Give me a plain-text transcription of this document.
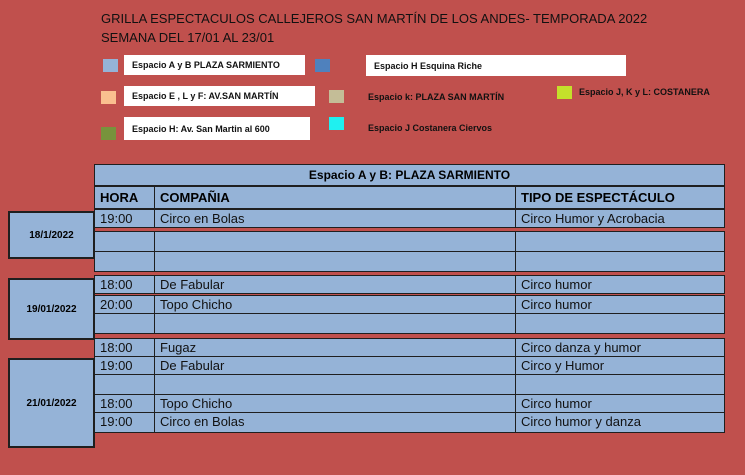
GRILLA ESPECTACULOS CALLEJEROS SAN MARTÍN DE LOS ANDES- TEMPORADA 2022
SEMANA DEL 17/01 AL 23/01
Espacio A y B PLAZA SARMIENTO	Espacio H Esquina Riche
Espacio J, K y L: COSTANERA
Espacio E , L y F: AV.SAN MARTÍN	Espacio k: PLAZA SAN MARTÍN
Espacio H: Av. San Martin al 600	Espacio J Costanera Ciervos
Espacio A y B: PLAZA SARMIENTO
HORA	COMPAÑIA	TIPO DE ESPECTÁCULO
18/1/2022
19:00	Circo en Bolas	Circo Humor y Acrobacia
19/01/2022
18:00	De Fabular	Circo humor
20:00	Topo Chicho	Circo humor
21/01/2022
18:00	Fugaz	Circo danza y humor
19:00	De Fabular	Circo y Humor
18:00	Topo Chicho	Circo humor
19:00	Circo en Bolas	Circo humor y danza
